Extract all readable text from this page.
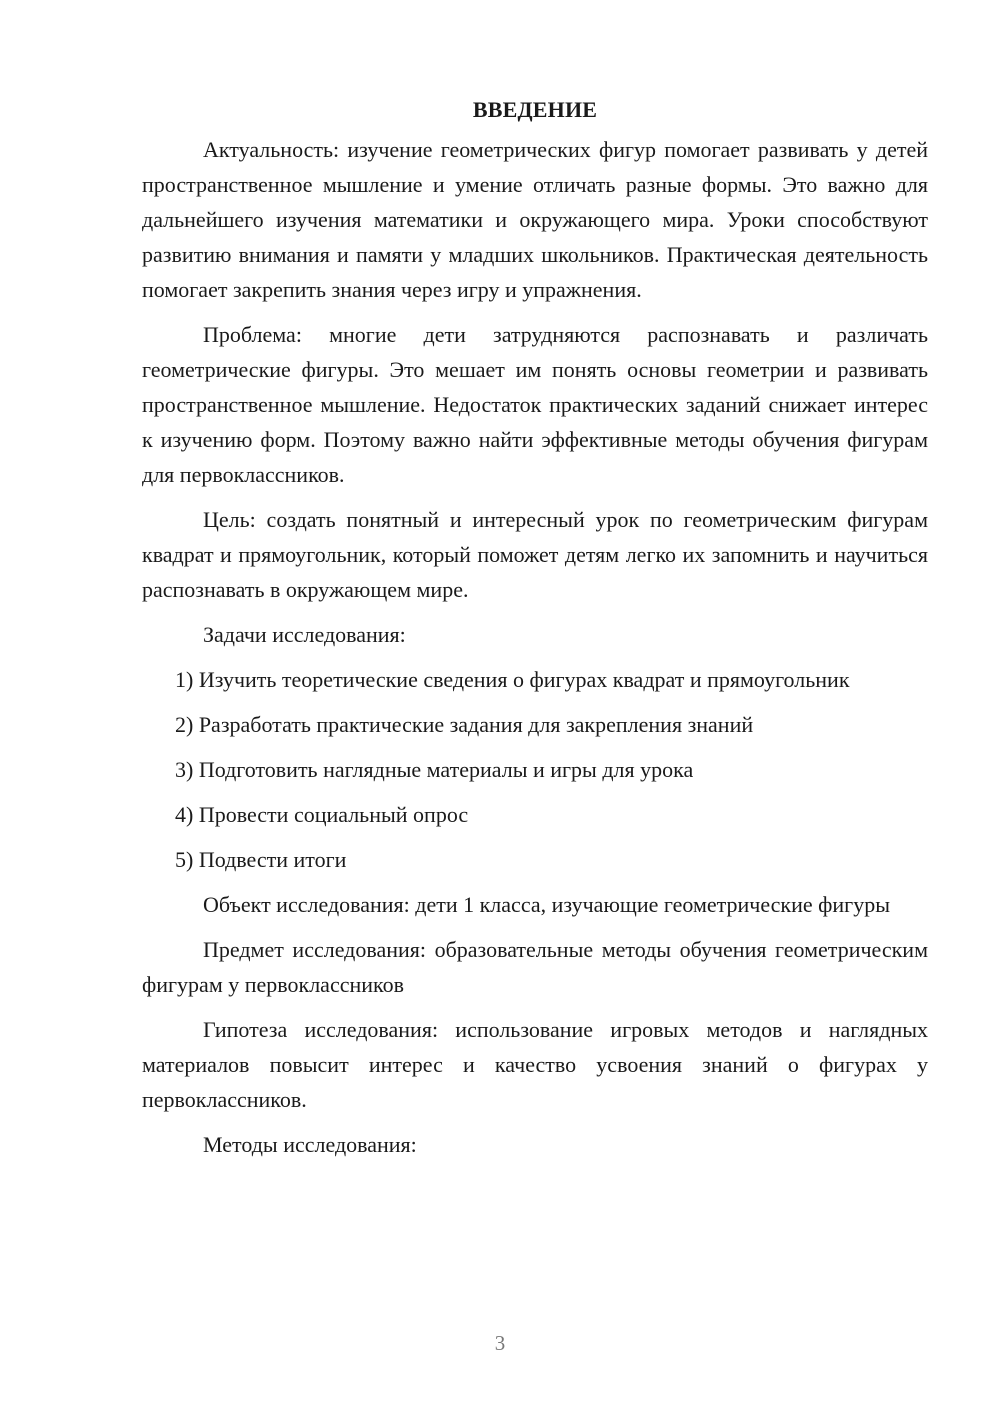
ВВЕДЕНИЕ

Актуальность: изучение геометрических фигур помогает развивать у детей пространственное мышление и умение отличать разные формы. Это важно для дальнейшего изучения математики и окружающего мира. Уроки способствуют развитию внимания и памяти у младших школьников. Практическая деятельность помогает закрепить знания через игру и упражнения.

Проблема: многие дети затрудняются распознавать и различать геометрические фигуры. Это мешает им понять основы геометрии и развивать пространственное мышление. Недостаток практических заданий снижает интерес к изучению форм. Поэтому важно найти эффективные методы обучения фигурам для первоклассников.

Цель: создать понятный и интересный урок по геометрическим фигурам квадрат и прямоугольник, который поможет детям легко их запомнить и научиться распознавать в окружающем мире.

Задачи исследования:

1) Изучить теоретические сведения о фигурах квадрат и прямоугольник

2) Разработать практические задания для закрепления знаний

3) Подготовить наглядные материалы и игры для урока

4) Провести социальный опрос

5) Подвести итоги

Объект исследования: дети 1 класса, изучающие геометрические фигуры

Предмет исследования: образовательные методы обучения геометрическим фигурам у первоклассников

Гипотеза исследования: использование игровых методов и наглядных материалов повысит интерес и качество усвоения знаний о фигурах у первоклассников.

Методы исследования:

3
